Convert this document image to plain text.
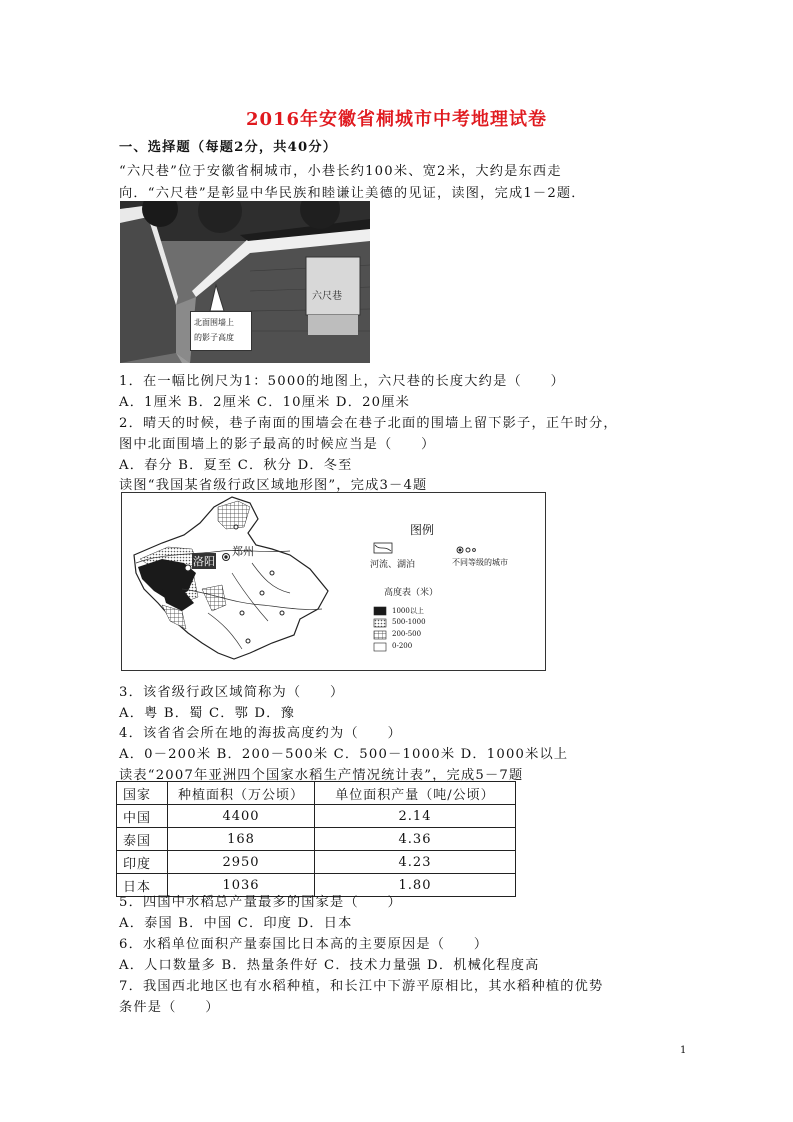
2016年安徽省桐城市中考地理试卷
一、选择题（每题2分，共40分）
“六尺巷”位于安徽省桐城市，小巷长约100米、宽2米，大约是东西走
向．“六尺巷”是彰显中华民族和睦谦让美德的见证，读图，完成1－2题．
六尺巷
北面围墙上
的影子高度
1．在一幅比例尺为1：5000的地图上，六尺巷的长度大约是（　　）
A．1厘米 B．2厘米 C．10厘米 D．20厘米
2．晴天的时候，巷子南面的围墙会在巷子北面的围墙上留下影子，正午时分，
图中北面围墙上的影子最高的时候应当是（　　）
A．春分 B．夏至 C．秋分 D．冬至
读图“我国某省级行政区域地形图”，完成3－4题
洛阳
郑州
图例
河流、湖泊	不同等级的城市
高度表（米）
1000以上
500-1000
200-500
0-200
3．该省级行政区域简称为（　　）
A．粤 B．蜀 C．鄂 D．豫
4．该省省会所在地的海拔高度约为（　　）
A．0－200米 B．200－500米 C．500－1000米 D．1000米以上
读表“2007年亚洲四个国家水稻生产情况统计表”，完成5－7题
国家	种植面积（万公顷）	单位面积产量（吨/公顷）
中国	4400	2.14
泰国	168	4.36
印度	2950	4.23
日本	1036	1.80
5．四国中水稻总产量最多的国家是（　　）
A．泰国 B．中国 C．印度 D．日本
6．水稻单位面积产量泰国比日本高的主要原因是（　　）
A．人口数量多 B．热量条件好 C．技术力量强 D．机械化程度高
7．我国西北地区也有水稻种植，和长江中下游平原相比，其水稻种植的优势
条件是（　　）
1
